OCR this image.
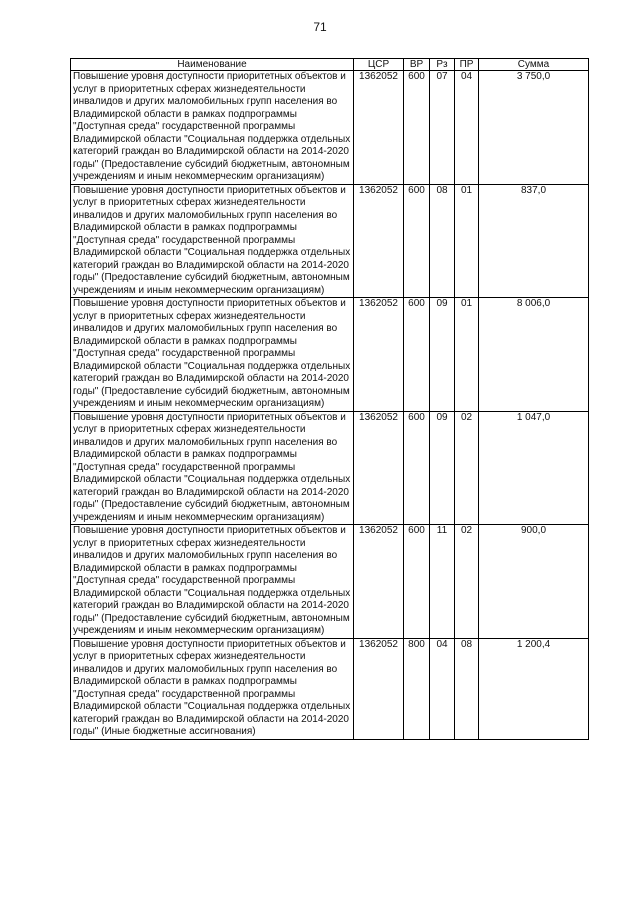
71
Наименование	ЦСР	ВР	Рз	ПР	Сумма
Повышение уровня доступности приоритетных объектов и услуг в приоритетных сферах жизнедеятельности инвалидов и других маломобильных групп населения во Владимирской области в рамках подпрограммы "Доступная среда" государственной программы Владимирской области "Социальная поддержка отдельных категорий граждан во Владимирской области на 2014-2020 годы" (Предоставление субсидий бюджетным, автономным учреждениям и иным некоммерческим организациям)	1362052	600	07	04	3 750,0
Повышение уровня доступности приоритетных объектов и услуг в приоритетных сферах жизнедеятельности инвалидов и других маломобильных групп населения во Владимирской области в рамках подпрограммы "Доступная среда" государственной программы Владимирской области "Социальная поддержка отдельных категорий граждан во Владимирской области на 2014-2020 годы" (Предоставление субсидий бюджетным, автономным учреждениям и иным некоммерческим организациям)	1362052	600	08	01	837,0
Повышение уровня доступности приоритетных объектов и услуг в приоритетных сферах жизнедеятельности инвалидов и других маломобильных групп населения во Владимирской области в рамках подпрограммы "Доступная среда" государственной программы Владимирской области "Социальная поддержка отдельных категорий граждан во Владимирской области на 2014-2020 годы" (Предоставление субсидий бюджетным, автономным учреждениям и иным некоммерческим организациям)	1362052	600	09	01	8 006,0
Повышение уровня доступности приоритетных объектов и услуг в приоритетных сферах жизнедеятельности инвалидов и других маломобильных групп населения во Владимирской области в рамках подпрограммы "Доступная среда" государственной программы Владимирской области "Социальная поддержка отдельных категорий граждан во Владимирской области на 2014-2020 годы" (Предоставление субсидий бюджетным, автономным учреждениям и иным некоммерческим организациям)	1362052	600	09	02	1 047,0
Повышение уровня доступности приоритетных объектов и услуг в приоритетных сферах жизнедеятельности инвалидов и других маломобильных групп населения во Владимирской области в рамках подпрограммы "Доступная среда" государственной программы Владимирской области "Социальная поддержка отдельных категорий граждан во Владимирской области на 2014-2020 годы" (Предоставление субсидий бюджетным, автономным учреждениям и иным некоммерческим организациям)	1362052	600	11	02	900,0
Повышение уровня доступности приоритетных объектов и услуг в приоритетных сферах жизнедеятельности инвалидов и других маломобильных групп населения во Владимирской области в рамках подпрограммы "Доступная среда" государственной программы Владимирской области "Социальная поддержка отдельных категорий граждан во Владимирской области на 2014-2020 годы" (Иные бюджетные ассигнования)	1362052	800	04	08	1 200,4
